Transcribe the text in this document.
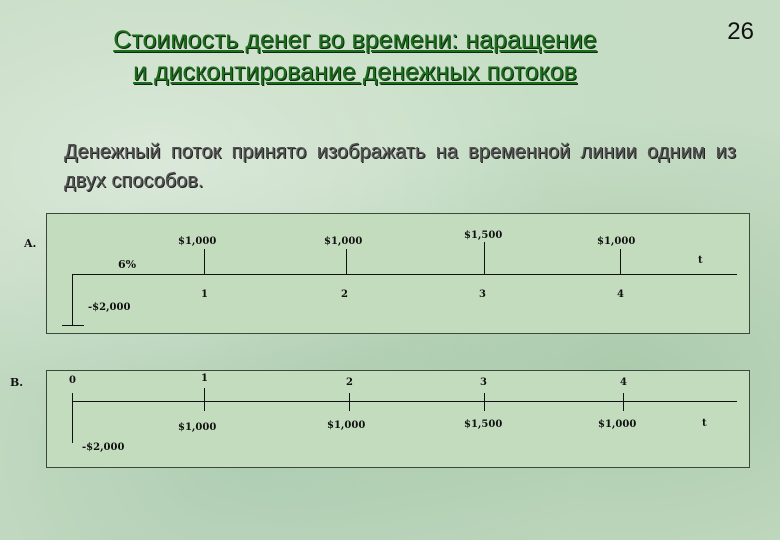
26
Стоимость денег во времени: наращение
и дисконтирование денежных потоков

Денежный поток принято изображать на временной линии одним из двух способов.

A.
-$2,000
6%	t
$1,000
1
$1,000
2
$1,500
3
$1,000
4
B.	0
-$2,000
t
1
$1,000
2
$1,000
3
$1,500
4
$1,000
